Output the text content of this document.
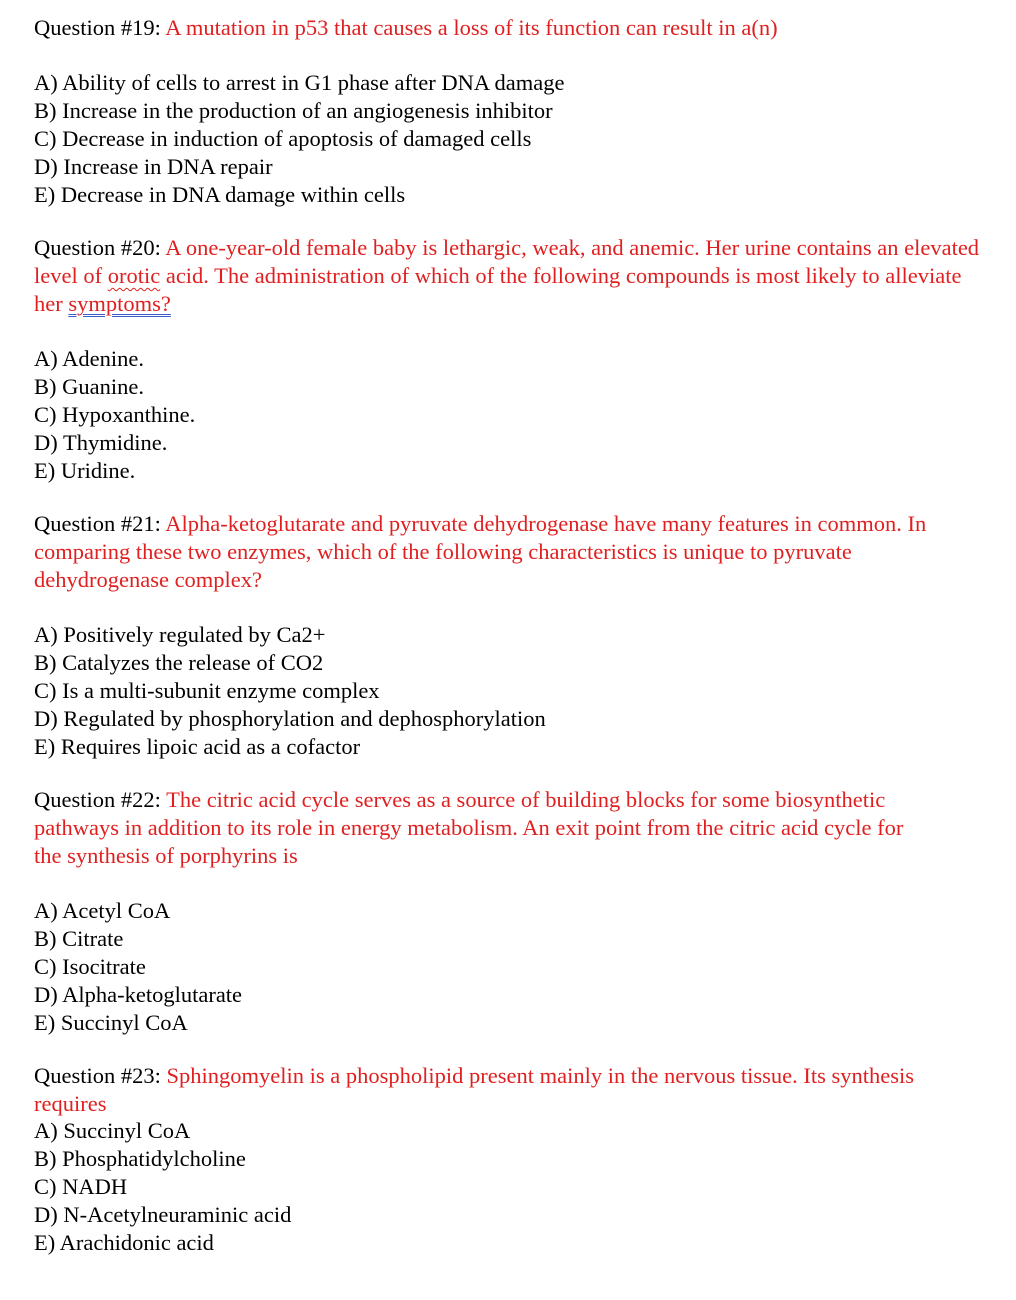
Question #19: A mutation in p53 that causes a loss of its function can result in a(n)

A) Ability of cells to arrest in G1 phase after DNA damage
B) Increase in the production of an angiogenesis inhibitor
C) Decrease in induction of apoptosis of damaged cells
D) Increase in DNA repair
E) Decrease in DNA damage within cells

Question #20: A one-year-old female baby is lethargic, weak, and anemic. Her urine contains an elevated level of orotic acid. The administration of which of the following compounds is most likely to alleviate her symptoms?

A) Adenine.
B) Guanine.
C) Hypoxanthine.
D) Thymidine.
E) Uridine.

Question #21: Alpha-ketoglutarate and pyruvate dehydrogenase have many features in common. In comparing these two enzymes, which of the following characteristics is unique to pyruvate dehydrogenase complex?

A) Positively regulated by Ca2+
B) Catalyzes the release of CO2
C) Is a multi-subunit enzyme complex
D) Regulated by phosphorylation and dephosphorylation
E) Requires lipoic acid as a cofactor

Question #22: The citric acid cycle serves as a source of building blocks for some biosynthetic pathways in addition to its role in energy metabolism. An exit point from the citric acid cycle for the synthesis of porphyrins is

A) Acetyl CoA
B) Citrate
C) Isocitrate
D) Alpha-ketoglutarate
E) Succinyl CoA

Question #23: Sphingomyelin is a phospholipid present mainly in the nervous tissue. Its synthesis requires

A) Succinyl CoA
B) Phosphatidylcholine
C) NADH
D) N-Acetylneuraminic acid
E) Arachidonic acid
